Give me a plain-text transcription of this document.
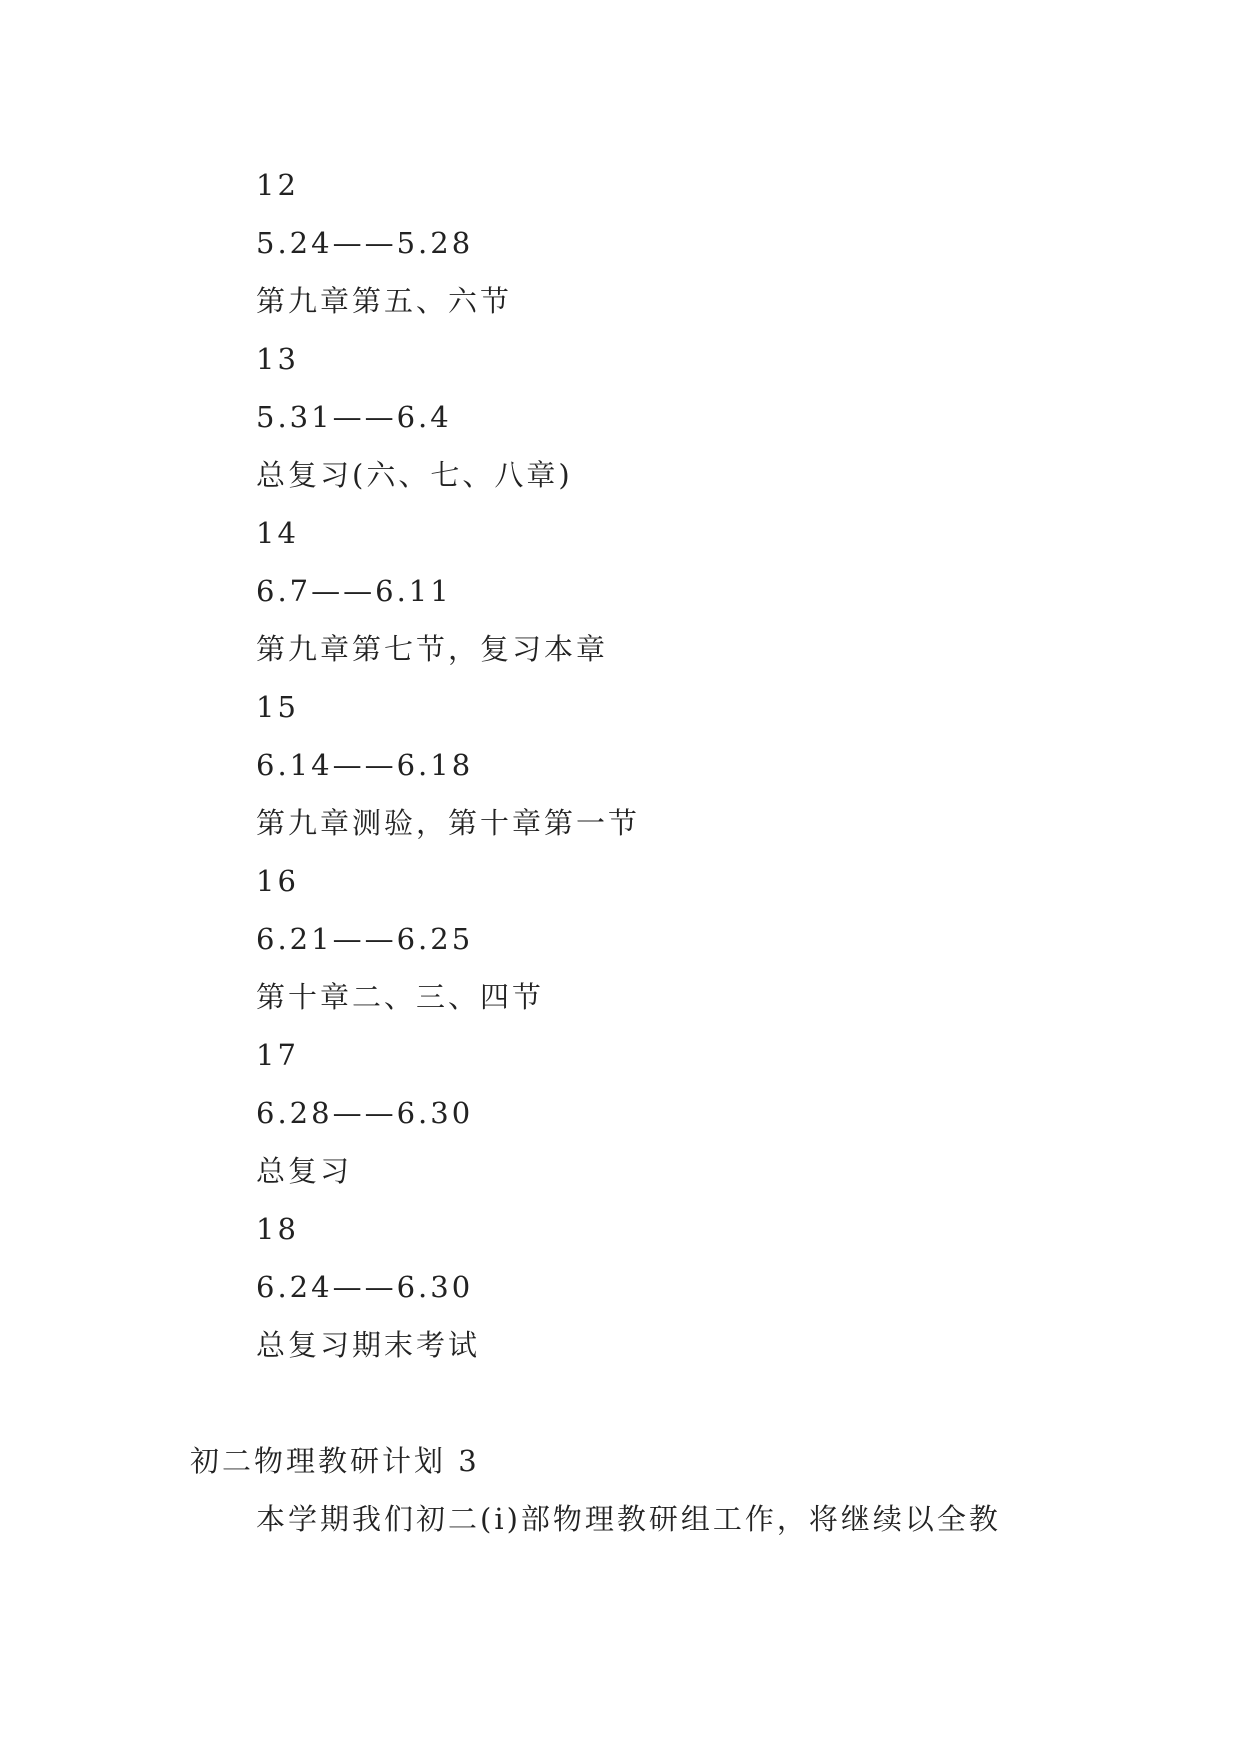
12
5.24——5.28
第九章第五、六节
13
5.31——6.4
总复习(六、七、八章)
14
6.7——6.11
第九章第七节，复习本章
15
6.14——6.18
第九章测验，第十章第一节
16
6.21——6.25
第十章二、三、四节
17
6.28——6.30
总复习
18
6.24——6.30
总复习期末考试
初二物理教研计划 3
本学期我们初二(i)部物理教研组工作，将继续以全教
